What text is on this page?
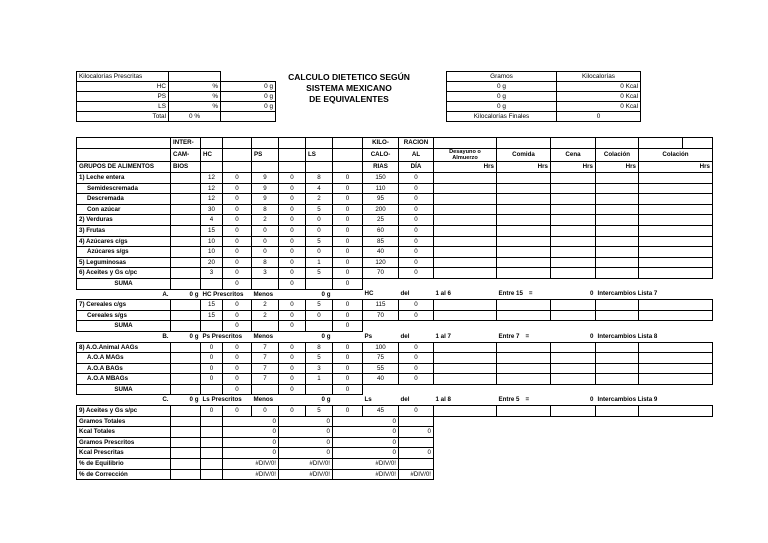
Kilocalorías Prescritas		
HC	%	0 g
PS	%	0 g
LS	%	0 g
Total	0 %	
CALCULO DIETETICO SEGÚN
SISTEMA MEXICANO
DE EQUIVALENTES
Gramos	Kilocalorías
0 g	0 Kcal
0 g	0 Kcal
0 g	0 Kcal
Kilocalorías Finales	0
	INTER-							KILO-	RACION						
	CAM-	HC		PS		LS		CALO-	AL	Desayuno o Almuerzo	Comida	Cena	Colación	Colación	
GRUPOS DE ALIMENTOS	BIOS							RIAS	DÍA	Hrs	Hrs	Hrs	Hrs	Hrs	
1) Leche entera		12	0	9	0	8	0	150	0						
Semidescremada		12	0	9	0	4	0	110	0						
Descremada		12	0	9	0	2	0	95	0						
Con azúcar		30	0	8	0	5	0	200	0						
2) Verduras		4	0	2	0	0	0	25	0						
3) Frutas		15	0	0	0	0	0	60	0						
4) Azúcares c/gs		10	0	0	0	5	0	85	0						
Azúcares s/gs		10	0	0	0	0	0	40	0						
5) Leguminosas		20	0	8	0	1	0	120	0						
6) Aceites y Gs c/pc		3	0	3	0	5	0	70	0						
SUMA			0		0		0								
A.	0 g	HC Prescritos		Menos		0 g		HC	del	1 al 6	Entre 15 =	0	Intercambios Lista 7		
7) Cereales c/gs		15	0	2	0	5	0	115	0						
Cereales s/gs		15	0	2	0	0	0	70	0						
SUMA			0		0		0								
B.	0 g	Ps Prescritos		Menos		0 g		Ps	del	1 al 7	Entre 7 =	0	Intercambios Lista 8		
8) A.O.Animal AAGs		0	0	7	0	8	0	100	0						
A.O.A MAGs		0	0	7	0	5	0	75	0						
A.O.A BAGs		0	0	7	0	3	0	55	0						
A.O.A MBAGs		0	0	7	0	1	0	40	0						
SUMA			0		0		0								
C.	0 g	Ls Prescritos		Menos		0 g		Ls	del	1 al 8	Entre 5 =	0	Intercambios Lista 9		
9) Aceites y Gs s/pc		0	0	0	0	5	0	45	0						
Gramos Totales			0		0		0								
Kcal Totales			0		0		0		0						
Gramos Prescritos			0		0		0								
Kcal Prescritas			0		0		0		0						
% de Equilibrio			#DIV/0!		#DIV/0!		#DIV/0!								
% de Corrección			#DIV/0!		#DIV/0!		#DIV/0!		#DIV/0!						
